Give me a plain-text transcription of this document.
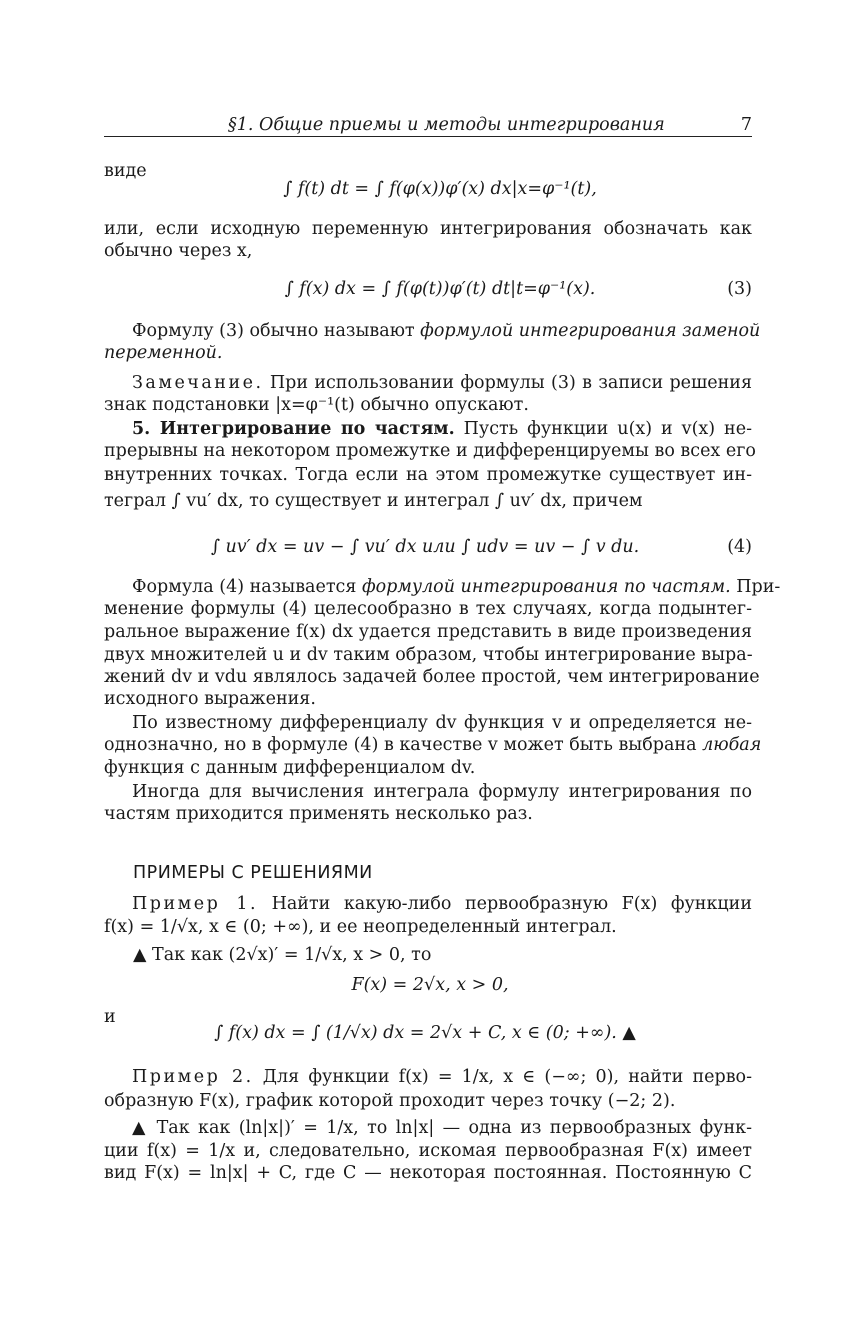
§1. Общие приемы и методы интегрирования	7
виде
∫ f(t) dt = ∫ f(φ(x))φ′(x) dx|x=φ⁻¹(t),
или, если исходную переменную интегрирования обозначать как
обычно через x,
∫ f(x) dx = ∫ f(φ(t))φ′(t) dt|t=φ⁻¹(x).	(3)
Формулу (3) обычно называют формулой интегрирования заменой
переменной.
Замечание. При использовании формулы (3) в записи решения
знак подстановки |x=φ⁻¹(t) обычно опускают.
5. Интегрирование по частям. Пусть функции u(x) и v(x) не-
прерывны на некотором промежутке и дифференцируемы во всех его
внутренних точках. Тогда если на этом промежутке существует ин-
теграл ∫ vu′ dx, то существует и интеграл ∫ uv′ dx, причем
∫ uv′ dx = uv − ∫ vu′ dx или ∫ udv = uv − ∫ v du.	(4)
Формула (4) называется формулой интегрирования по частям. При-
менение формулы (4) целесообразно в тех случаях, когда подынтег-
ральное выражение f(x) dx удается представить в виде произведения
двух множителей u и dv таким образом, чтобы интегрирование выра-
жений dv и vdu являлось задачей более простой, чем интегрирование
исходного выражения.
По известному дифференциалу dv функция v и определяется не-
однозначно, но в формуле (4) в качестве v может быть выбрана любая
функция с данным дифференциалом dv.
Иногда для вычисления интеграла формулу интегрирования по
частям приходится применять несколько раз.
ПРИМЕРЫ С РЕШЕНИЯМИ
Пример 1. Найти какую-либо первообразную F(x) функции
f(x) = 1/√x, x ∈ (0; +∞), и ее неопределенный интеграл.
▲ Так как (2√x)′ = 1/√x, x > 0, то
F(x) = 2√x, x > 0,
и
∫ f(x) dx = ∫ (1/√x) dx = 2√x + C, x ∈ (0; +∞). ▲
Пример 2. Для функции f(x) = 1/x, x ∈ (−∞; 0), найти перво-
образную F(x), график которой проходит через точку (−2; 2).
▲ Так как (ln|x|)′ = 1/x, то ln|x| — одна из первообразных функ-
ции f(x) = 1/x и, следовательно, искомая первообразная F(x) имеет
вид F(x) = ln|x| + C, где C — некоторая постоянная. Постоянную C
